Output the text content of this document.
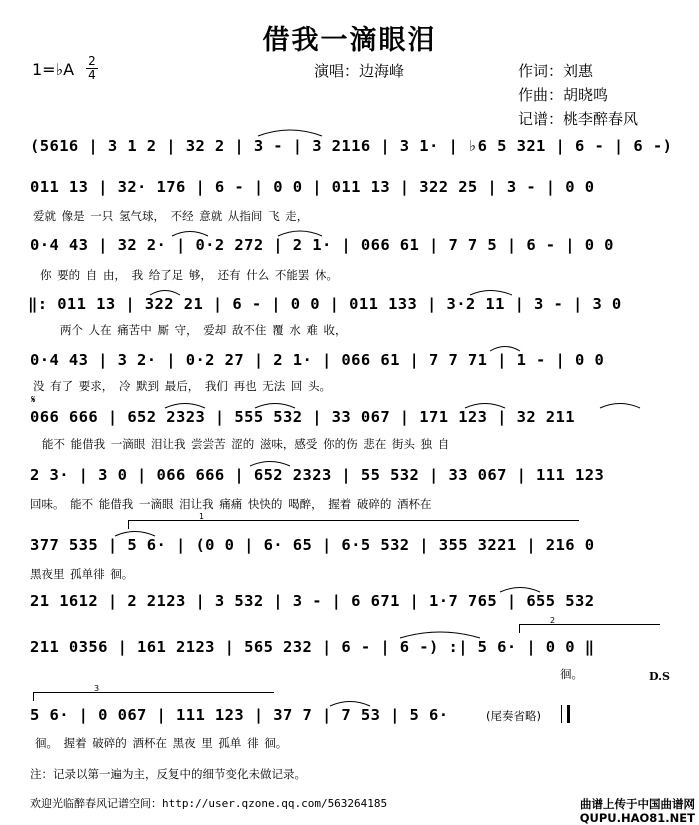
借我一滴眼泪
1=♭A 2
4	演唱：边海峰	作词：刘惠
作曲：胡晓鸣
记谱：桃李醉春风
(5616 | 3 1 2 | 32 2 | 3 - | 3 2116 | 3 1· | ♭6 5 321 | 6 - | 6 -)
011 13 | 32· 176 | 6 - | 0 0 | 011 13 | 322 25 | 3 - | 0 0
爱就 像是 一只 氢气球， 不经 意就 从指间 飞 走，
0·4 43 | 32 2· | 0·2 272 | 2 1· | 066 61 | 7 7 5 | 6 - | 0 0
你 要的 自 由， 我 给了足 够， 还有 什么 不能罢 休。
‖: 011 13 | 322 21 | 6 - | 0 0 | 011 133 | 3·2 11 | 3 - | 3 0
两个 人在 痛苦中 厮 守， 爱却 敌不住 覆 水 难 收，
0·4 43 | 3 2· | 0·2 27 | 2 1· | 066 61 | 7 7 71 | 1 - | 0 0
没 有了 要求， 冷 默到 最后， 我们 再也 无法 回 头。
𝄋
066 666 | 652 2323 | 555 532 | 33 067 | 171 123 | 32 211
能不 能借我 一滴眼 泪让我 尝尝苦 涩的 滋味，感受 你的伤 悲在 街头 独 自
2 3· | 3 0 | 066 666 | 652 2323 | 55 532 | 33 067 | 111 123
回味。 能不 能借我 一滴眼 泪让我 痛痛 快快的 喝醉， 握着 破碎的 酒杯在
1
377 535 | 5 6· | (0 0 | 6· 65 | 6·5 532 | 355 3221 | 216 0
黑夜里 孤单徘 徊。
21 1612 | 2 2123 | 3 532 | 3 - | 6 671 | 1·7 765 | 655 532
2
211 0356 | 161 2123 | 565 232 | 6 - | 6 -) :| 5 6· | 0 0 ‖
徊。	D.S
3
5 6· | 0 067 | 111 123 | 37 7 | 7 53 | 5 6·	(尾奏省略)
徊。 握着 破碎的 酒杯在 黑夜 里 孤单 徘 徊。
注：记录以第一遍为主，反复中的细节变化未做记录。
欢迎光临醉春风记谱空间：http://user.qzone.qq.com/563264185	曲谱上传于中国曲谱网
QUPU.HAO81.NET
